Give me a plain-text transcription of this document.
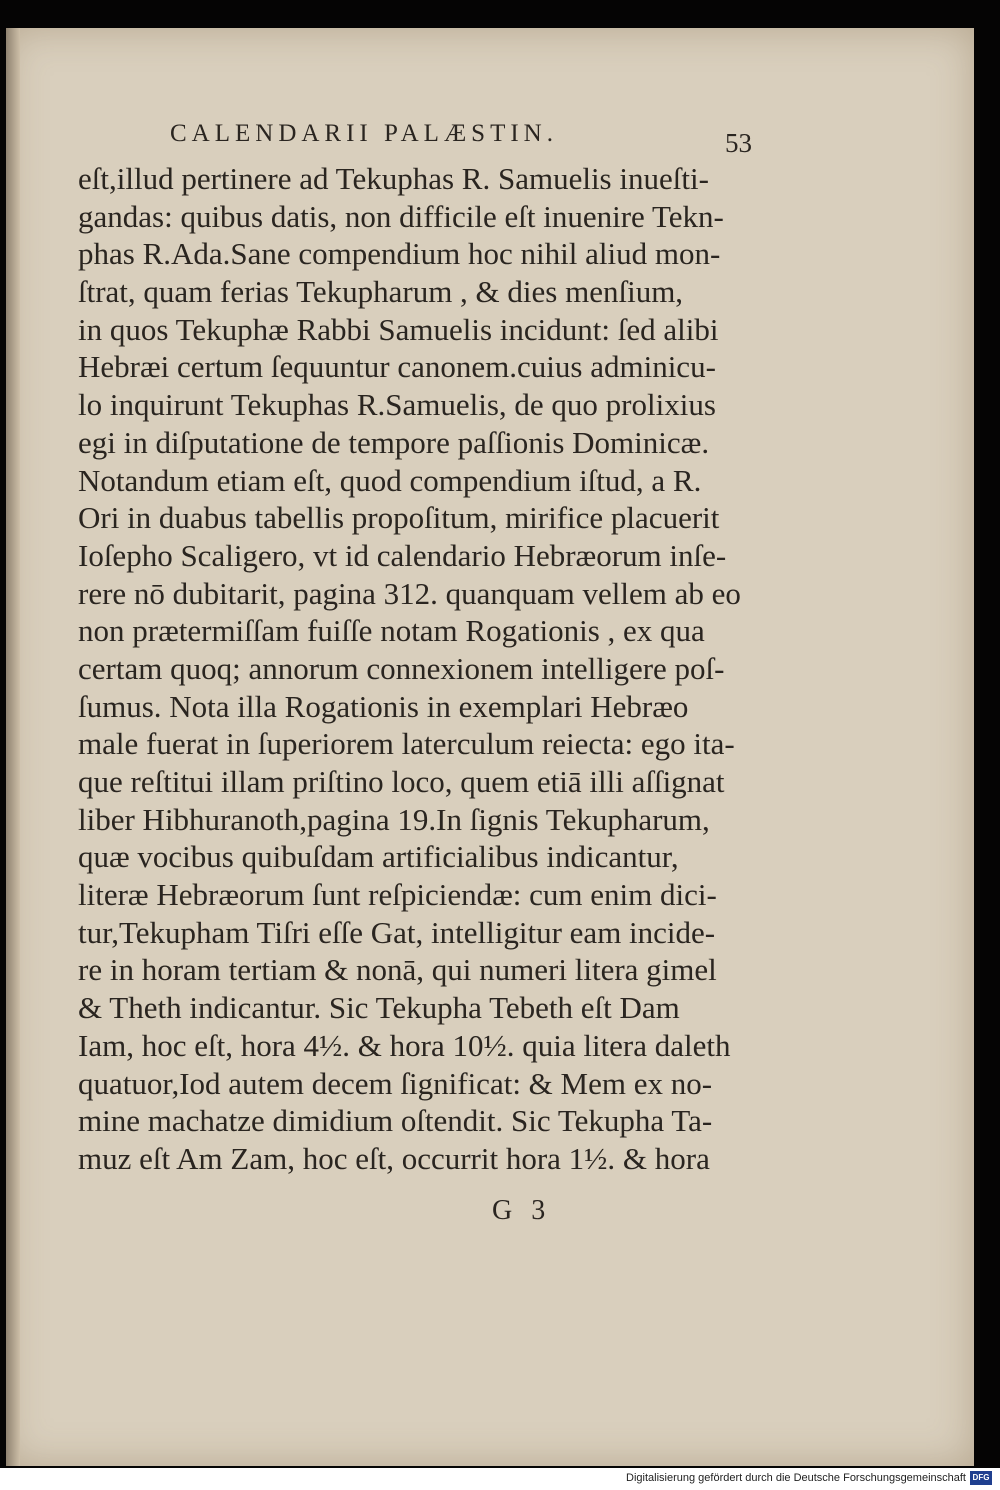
CALENDARII PALÆSTIN.	53
eſt,illud pertinere ad Tekuphas R. Samuelis inueſti-
gandas: quibus datis, non difficile eſt inuenire Tekn-
phas R.Ada.Sane compendium hoc nihil aliud mon-
ſtrat, quam ferias Tekupharum , & dies menſium,
in quos Tekuphæ Rabbi Samuelis incidunt: ſed alibi
Hebræi certum ſequuntur canonem.cuius adminicu-
lo inquirunt Tekuphas R.Samuelis, de quo prolixius
egi in diſputatione de tempore paſſionis Dominicæ.
Notandum etiam eſt, quod compendium iſtud, a R.
Ori in duabus tabellis propoſitum, mirifice placuerit
Ioſepho Scaligero, vt id calendario Hebræorum inſe-
rere nō dubitarit, pagina 312. quanquam vellem ab eo
non prætermiſſam fuiſſe notam Rogationis , ex qua
certam quoq; annorum connexionem intelligere poſ-
ſumus. Nota illa Rogationis in exemplari Hebræo
male fuerat in ſuperiorem laterculum reiecta: ego ita-
que reſtitui illam priſtino loco, quem etiā illi aſſignat
liber Hibhuranoth,pagina 19.In ſignis Tekupharum,
quæ vocibus quibuſdam artificialibus indicantur,
literæ Hebræorum ſunt reſpiciendæ: cum enim dici-
tur,Tekupham Tiſri eſſe Gat, intelligitur eam incide-
re in horam tertiam & nonā, qui numeri litera gimel
& Theth indicantur. Sic Tekupha Tebeth eſt Dam
Iam, hoc eſt, hora 4½. & hora 10½. quia litera daleth
quatuor,Iod autem decem ſignificat: & Mem ex no-
mine machatze dimidium oſtendit. Sic Tekupha Ta-
muz eſt Am Zam, hoc eſt, occurrit hora 1½. & hora
G 3
Digitalisierung gefördert durch die Deutsche Forschungsgemeinschaft DFG
